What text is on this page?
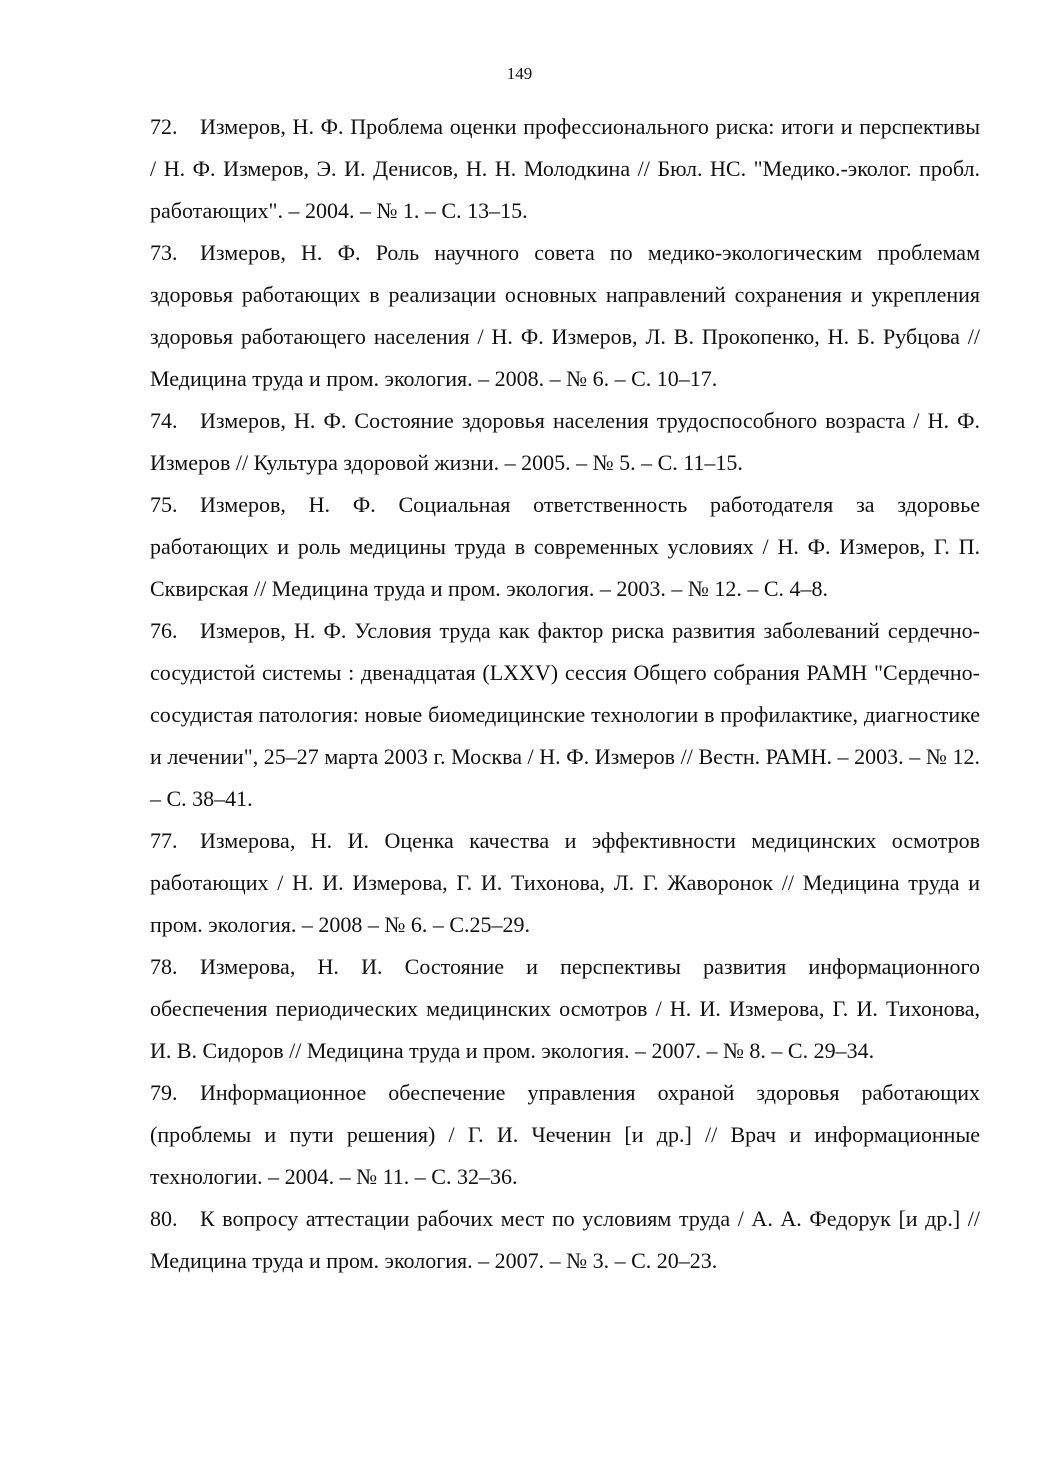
149
72. Измеров, Н. Ф. Проблема оценки профессионального риска: итоги и перспективы / Н. Ф. Измеров, Э. И. Денисов, Н. Н. Молодкина // Бюл. НС. "Медико.-эколог. пробл. работающих". – 2004. – № 1. – С. 13–15.
73. Измеров, Н. Ф. Роль научного совета по медико-экологическим проблемам здоровья работающих в реализации основных направлений сохранения и укрепления здоровья работающего населения / Н. Ф. Измеров, Л. В. Прокопенко, Н. Б. Рубцова // Медицина труда и пром. экология. – 2008. – № 6. – С. 10–17.
74. Измеров, Н. Ф. Состояние здоровья населения трудоспособного возраста / Н. Ф. Измеров // Культура здоровой жизни. – 2005. – № 5. – С. 11–15.
75. Измеров, Н. Ф. Социальная ответственность работодателя за здоровье работающих и роль медицины труда в современных условиях / Н. Ф. Измеров, Г. П. Сквирская // Медицина труда и пром. экология. – 2003. – № 12. – С. 4–8.
76. Измеров, Н. Ф. Условия труда как фактор риска развития заболеваний сердечно-сосудистой системы : двенадцатая (LXXV) сессия Общего собрания РАМН "Сердечно-сосудистая патология: новые биомедицинские технологии в профилактике, диагностике и лечении", 25–27 марта 2003 г. Москва / Н. Ф. Измеров // Вестн. РАМН. – 2003. – № 12. – С. 38–41.
77. Измерова, Н. И. Оценка качества и эффективности медицинских осмотров работающих / Н. И. Измерова, Г. И. Тихонова, Л. Г. Жаворонок // Медицина труда и пром. экология. – 2008 – № 6. – С.25–29.
78. Измерова, Н. И. Состояние и перспективы развития информационного обеспечения периодических медицинских осмотров / Н. И. Измерова, Г. И. Тихонова, И. В. Сидоров // Медицина труда и пром. экология. – 2007. – № 8. – С. 29–34.
79. Информационное обеспечение управления охраной здоровья работающих (проблемы и пути решения) / Г. И. Чеченин [и др.] // Врач и информационные технологии. – 2004. – № 11. – С. 32–36.
80. К вопросу аттестации рабочих мест по условиям труда / А. А. Федорук [и др.] // Медицина труда и пром. экология. – 2007. – № 3. – С. 20–23.
